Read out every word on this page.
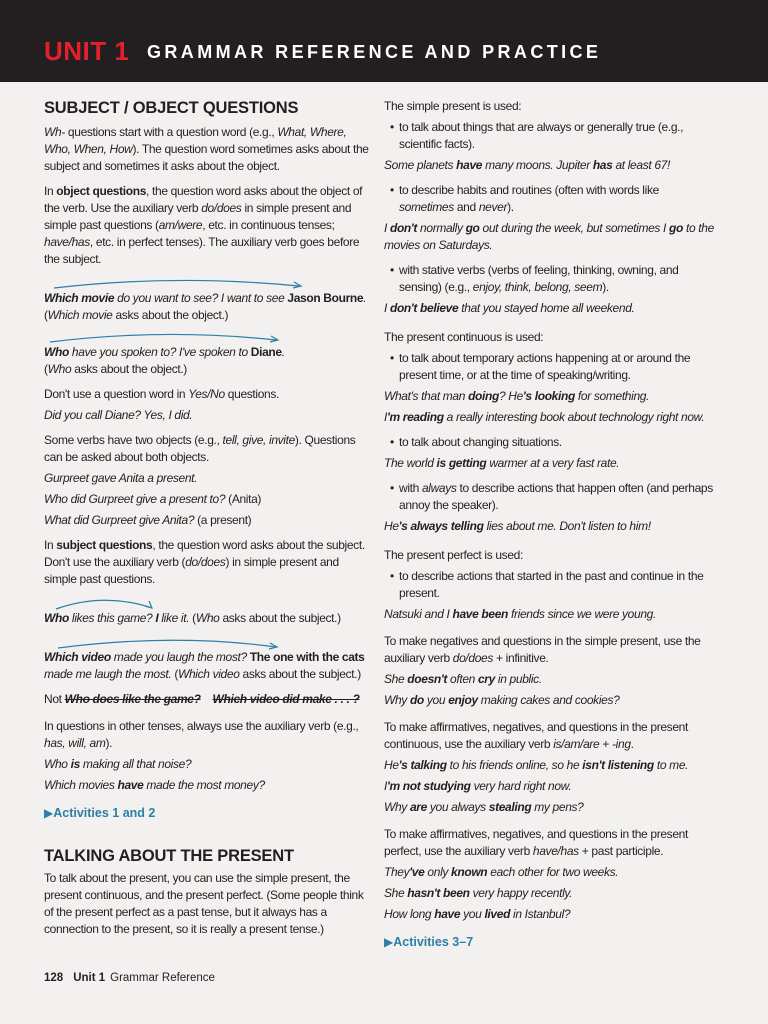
UNIT 1 GRAMMAR REFERENCE AND PRACTICE
SUBJECT / OBJECT QUESTIONS

Wh- questions start with a question word (e.g., What, Where, Who, When, How). The question word sometimes asks about the subject and sometimes it asks about the object.

In object questions, the question word asks about the object of the verb. Use the auxiliary verb do/does in simple present and simple past questions (am/were, etc. in continuous tenses; have/has, etc. in perfect tenses). The auxiliary verb goes before the subject.

Which movie do you want to see? I want to see Jason Bourne.

(Which movie asks about the object.)

Who have you spoken to? I've spoken to Diane.

(Who asks about the object.)

Don't use a question word in Yes/No questions.

Did you call Diane? Yes, I did.

Some verbs have two objects (e.g., tell, give, invite). Questions can be asked about both objects.

Gurpreet gave Anita a present.

Who did Gurpreet give a present to? (Anita)

What did Gurpreet give Anita? (a present)

In subject questions, the question word asks about the subject. Don't use the auxiliary verb (do/does) in simple present and simple past questions.

Who likes this game? I like it. (Who asks about the subject.)

Which video made you laugh the most? The one with the cats made me laugh the most. (Which video asks about the subject.)

Not Who does like the game? Which video did make . . . ?

In questions in other tenses, always use the auxiliary verb (e.g., has, will, am).

Who is making all that noise?

Which movies have made the most money?

▶Activities 1 and 2

TALKING ABOUT THE PRESENT

To talk about the present, you can use the simple present, the present continuous, and the present perfect. (Some people think of the present perfect as a past tense, but it always has a connection to the present, so it is really a present tense.)

The simple present is used:

• to talk about things that are always or generally true (e.g., scientific facts).

Some planets have many moons. Jupiter has at least 67!

• to describe habits and routines (often with words like sometimes and never).

I don't normally go out during the week, but sometimes I go to the movies on Saturdays.

• with stative verbs (verbs of feeling, thinking, owning, and sensing) (e.g., enjoy, think, belong, seem).

I don't believe that you stayed home all weekend.

The present continuous is used:

• to talk about temporary actions happening at or around the present time, or at the time of speaking/writing.

What's that man doing? He's looking for something.

I'm reading a really interesting book about technology right now.

• to talk about changing situations.

The world is getting warmer at a very fast rate.

• with always to describe actions that happen often (and perhaps annoy the speaker).

He's always telling lies about me. Don't listen to him!

The present perfect is used:

• to describe actions that started in the past and continue in the present.

Natsuki and I have been friends since we were young.

To make negatives and questions in the simple present, use the auxiliary verb do/does + infinitive.

She doesn't often cry in public.

Why do you enjoy making cakes and cookies?

To make affirmatives, negatives, and questions in the present continuous, use the auxiliary verb is/am/are + -ing.

He's talking to his friends online, so he isn't listening to me.

I'm not studying very hard right now.

Why are you always stealing my pens?

To make affirmatives, negatives, and questions in the present perfect, use the auxiliary verb have/has + past participle.

They've only known each other for two weeks.

She hasn't been very happy recently.

How long have you lived in Istanbul?

▶Activities 3–7

128 Unit 1 Grammar Reference
